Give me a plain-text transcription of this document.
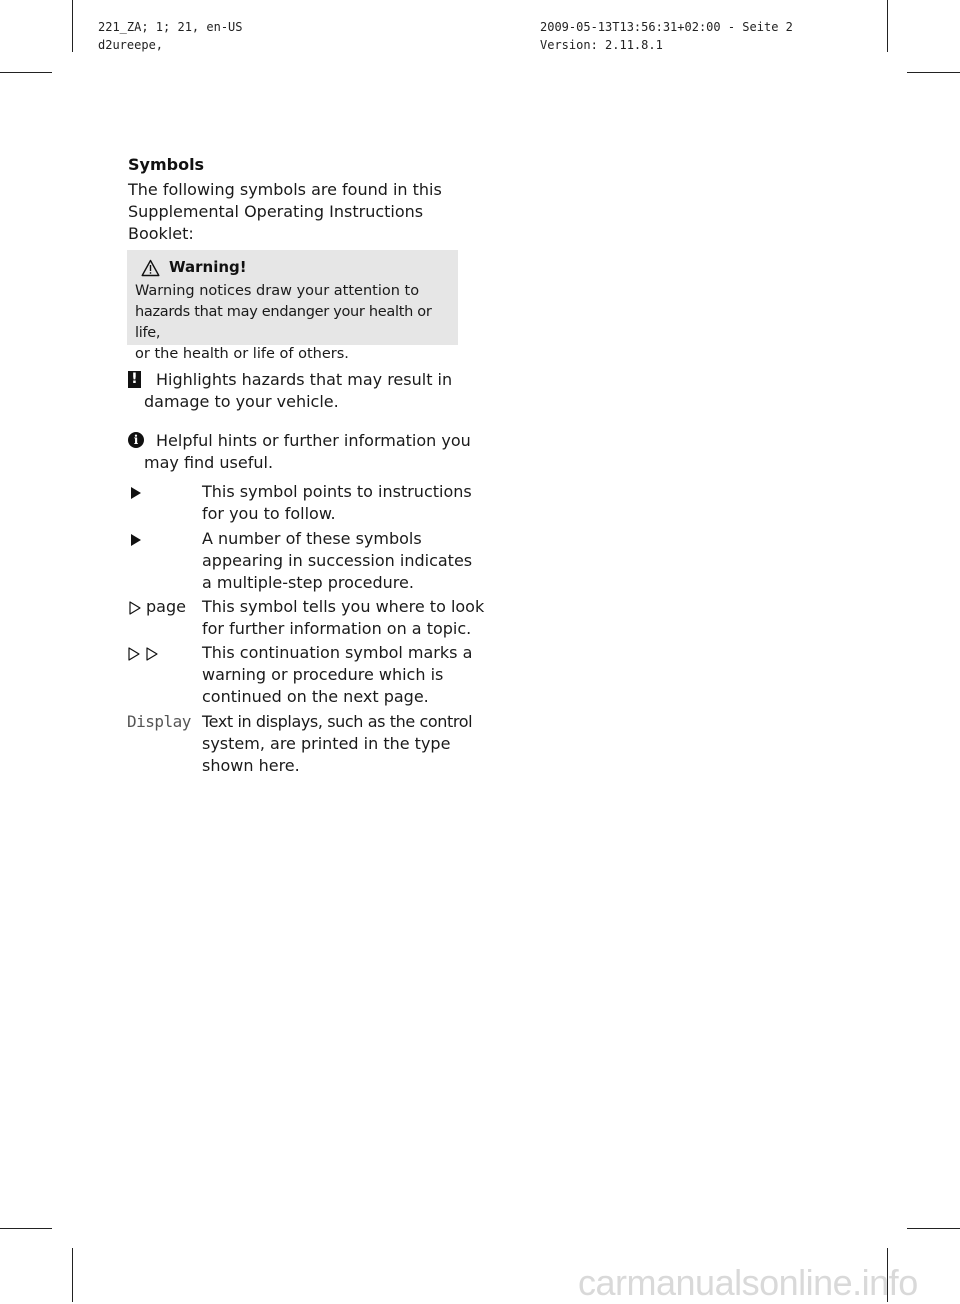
221_ZA; 1; 21, en-US
d2ureepe,
2009-05-13T13:56:31+02:00 - Seite 2
Version: 2.11.8.1
Symbols
The following symbols are found in this
Supplemental Operating Instructions
Booklet:
Warning!
Warning notices draw your attention to
hazards that may endanger your health or life,
or the health or life of others.
! Highlights hazards that may result in
damage to your vehicle.
i	Helpful hints or further information you
may find useful.
This symbol points to instructions
for you to follow.
A number of these symbols
appearing in succession indicates
a multiple-step procedure.
page This symbol tells you where to look
for further information on a topic.
This continuation symbol marks a
warning or procedure which is
continued on the next page.
Display Text in displays, such as the control
system, are printed in the type
shown here.
carmanualsonline.info
